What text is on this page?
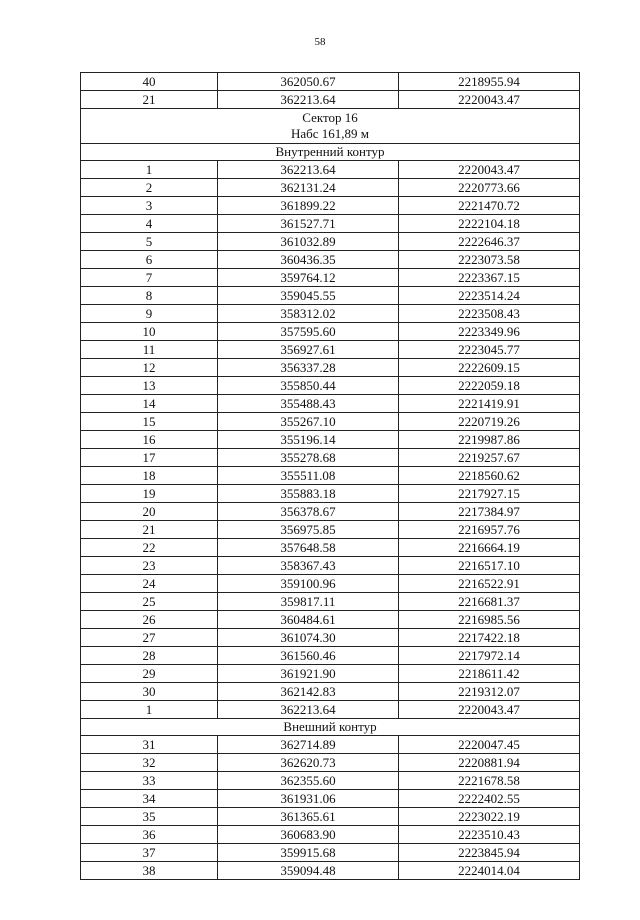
58
40	362050.67	2218955.94
21	362213.64	2220043.47

Сектор 16
Набс 161,89 м		

Внутренний контур		
1	362213.64	2220043.47
2	362131.24	2220773.66
3	361899.22	2221470.72
4	361527.71	2222104.18
5	361032.89	2222646.37
6	360436.35	2223073.58
7	359764.12	2223367.15
8	359045.55	2223514.24
9	358312.02	2223508.43
10	357595.60	2223349.96
11	356927.61	2223045.77
12	356337.28	2222609.15
13	355850.44	2222059.18
14	355488.43	2221419.91
15	355267.10	2220719.26
16	355196.14	2219987.86
17	355278.68	2219257.67
18	355511.08	2218560.62
19	355883.18	2217927.15
20	356378.67	2217384.97
21	356975.85	2216957.76
22	357648.58	2216664.19
23	358367.43	2216517.10
24	359100.96	2216522.91
25	359817.11	2216681.37
26	360484.61	2216985.56
27	361074.30	2217422.18
28	361560.46	2217972.14
29	361921.90	2218611.42
30	362142.83	2219312.07
1	362213.64	2220043.47
Внешний контур		
31	362714.89	2220047.45
32	362620.73	2220881.94
33	362355.60	2221678.58
34	361931.06	2222402.55
35	361365.61	2223022.19
36	360683.90	2223510.43
37	359915.68	2223845.94
38	359094.48	2224014.04
